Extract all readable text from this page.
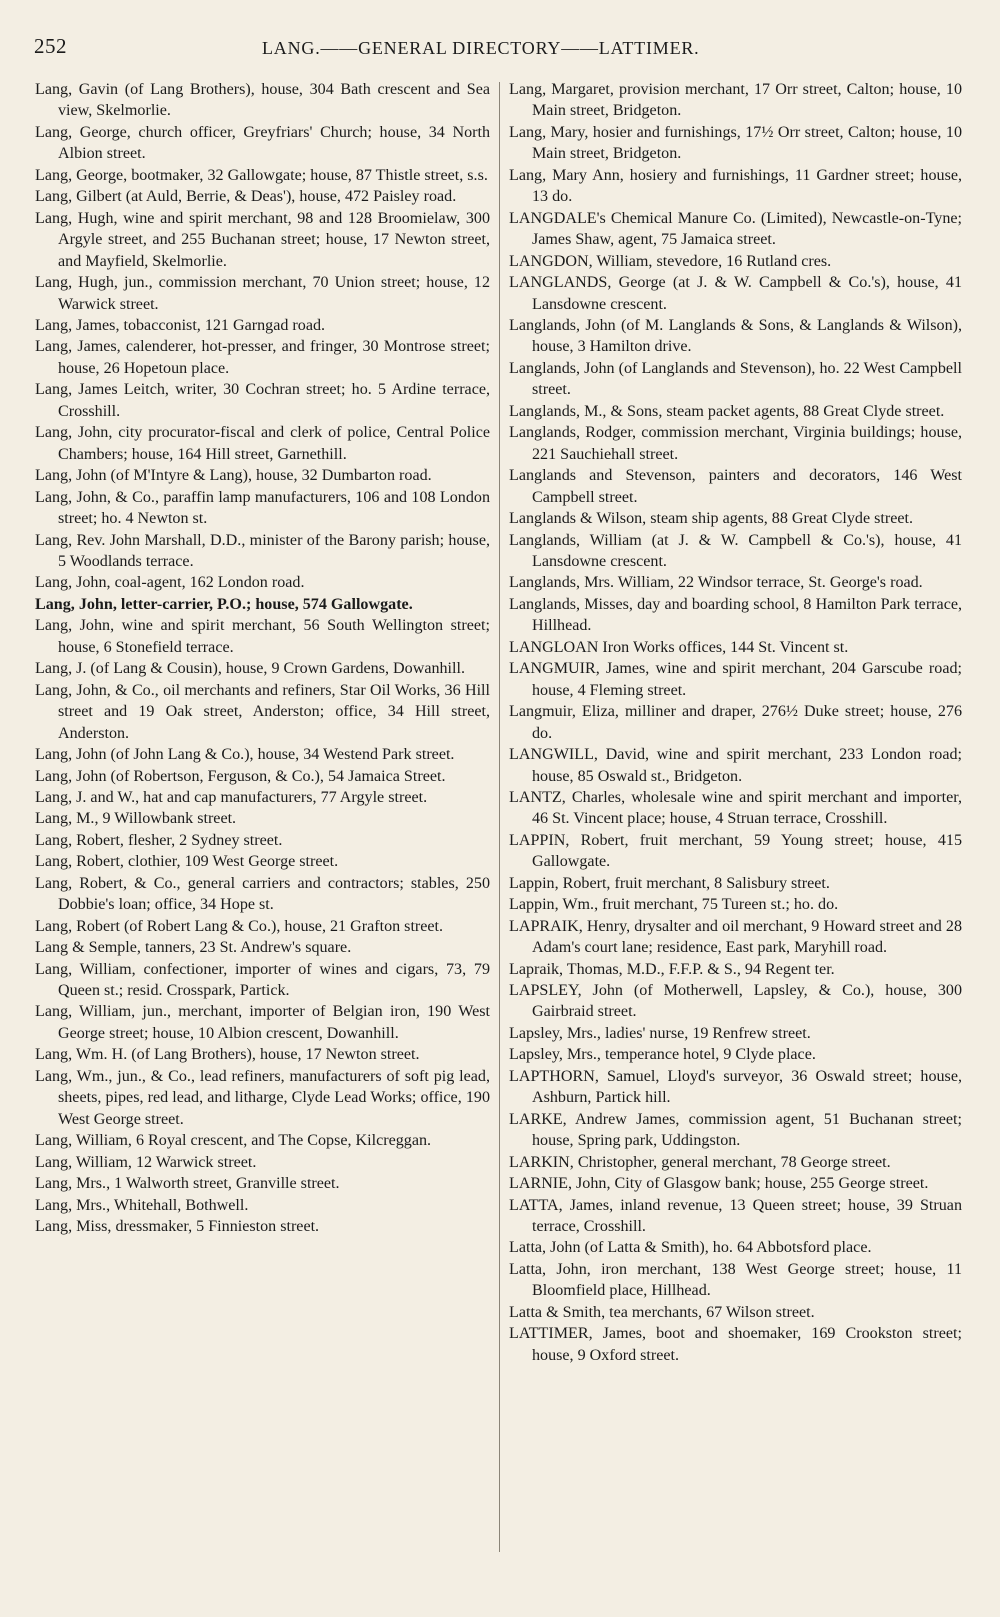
252	LANG.——GENERAL DIRECTORY——LATTIMER.

Lang, Gavin (of Lang Brothers), house, 304 Bath crescent and Sea view, Skelmorlie.

Lang, George, church officer, Greyfriars' Church; house, 34 North Albion street.

Lang, George, bootmaker, 32 Gallowgate; house, 87 Thistle street, s.s.

Lang, Gilbert (at Auld, Berrie, & Deas'), house, 472 Paisley road.

Lang, Hugh, wine and spirit merchant, 98 and 128 Broomielaw, 300 Argyle street, and 255 Buchanan street; house, 17 Newton street, and Mayfield, Skelmorlie.

Lang, Hugh, jun., commission merchant, 70 Union street; house, 12 Warwick street.

Lang, James, tobacconist, 121 Garngad road.

Lang, James, calenderer, hot-presser, and fringer, 30 Montrose street; house, 26 Hopetoun place.

Lang, James Leitch, writer, 30 Cochran street; ho. 5 Ardine terrace, Crosshill.

Lang, John, city procurator-fiscal and clerk of police, Central Police Chambers; house, 164 Hill street, Garnethill.

Lang, John (of M'Intyre & Lang), house, 32 Dumbarton road.

Lang, John, & Co., paraffin lamp manufacturers, 106 and 108 London street; ho. 4 Newton st.

Lang, Rev. John Marshall, D.D., minister of the Barony parish; house, 5 Woodlands terrace.

Lang, John, coal-agent, 162 London road.

Lang, John, letter-carrier, P.O.; house, 574 Gallowgate.

Lang, John, wine and spirit merchant, 56 South Wellington street; house, 6 Stonefield terrace.

Lang, J. (of Lang & Cousin), house, 9 Crown Gardens, Dowanhill.

Lang, John, & Co., oil merchants and refiners, Star Oil Works, 36 Hill street and 19 Oak street, Anderston; office, 34 Hill street, Anderston.

Lang, John (of John Lang & Co.), house, 34 Westend Park street.

Lang, John (of Robertson, Ferguson, & Co.), 54 Jamaica Street.

Lang, J. and W., hat and cap manufacturers, 77 Argyle street.

Lang, M., 9 Willowbank street.

Lang, Robert, flesher, 2 Sydney street.

Lang, Robert, clothier, 109 West George street.

Lang, Robert, & Co., general carriers and contractors; stables, 250 Dobbie's loan; office, 34 Hope st.

Lang, Robert (of Robert Lang & Co.), house, 21 Grafton street.

Lang & Semple, tanners, 23 St. Andrew's square.

Lang, William, confectioner, importer of wines and cigars, 73, 79 Queen st.; resid. Crosspark, Partick.

Lang, William, jun., merchant, importer of Belgian iron, 190 West George street; house, 10 Albion crescent, Dowanhill.

Lang, Wm. H. (of Lang Brothers), house, 17 Newton street.

Lang, Wm., jun., & Co., lead refiners, manufacturers of soft pig lead, sheets, pipes, red lead, and litharge, Clyde Lead Works; office, 190 West George street.

Lang, William, 6 Royal crescent, and The Copse, Kilcreggan.

Lang, William, 12 Warwick street.

Lang, Mrs., 1 Walworth street, Granville street.

Lang, Mrs., Whitehall, Bothwell.

Lang, Miss, dressmaker, 5 Finnieston street.

Lang, Margaret, provision merchant, 17 Orr street, Calton; house, 10 Main street, Bridgeton.

Lang, Mary, hosier and furnishings, 17½ Orr street, Calton; house, 10 Main street, Bridgeton.

Lang, Mary Ann, hosiery and furnishings, 11 Gardner street; house, 13 do.

LANGDALE's Chemical Manure Co. (Limited), Newcastle-on-Tyne; James Shaw, agent, 75 Jamaica street.

LANGDON, William, stevedore, 16 Rutland cres.

LANGLANDS, George (at J. & W. Campbell & Co.'s), house, 41 Lansdowne crescent.

Langlands, John (of M. Langlands & Sons, & Langlands & Wilson), house, 3 Hamilton drive.

Langlands, John (of Langlands and Stevenson), ho. 22 West Campbell street.

Langlands, M., & Sons, steam packet agents, 88 Great Clyde street.

Langlands, Rodger, commission merchant, Virginia buildings; house, 221 Sauchiehall street.

Langlands and Stevenson, painters and decorators, 146 West Campbell street.

Langlands & Wilson, steam ship agents, 88 Great Clyde street.

Langlands, William (at J. & W. Campbell & Co.'s), house, 41 Lansdowne crescent.

Langlands, Mrs. William, 22 Windsor terrace, St. George's road.

Langlands, Misses, day and boarding school, 8 Hamilton Park terrace, Hillhead.

LANGLOAN Iron Works offices, 144 St. Vincent st.

LANGMUIR, James, wine and spirit merchant, 204 Garscube road; house, 4 Fleming street.

Langmuir, Eliza, milliner and draper, 276½ Duke street; house, 276 do.

LANGWILL, David, wine and spirit merchant, 233 London road; house, 85 Oswald st., Bridgeton.

LANTZ, Charles, wholesale wine and spirit merchant and importer, 46 St. Vincent place; house, 4 Struan terrace, Crosshill.

LAPPIN, Robert, fruit merchant, 59 Young street; house, 415 Gallowgate.

Lappin, Robert, fruit merchant, 8 Salisbury street.

Lappin, Wm., fruit merchant, 75 Tureen st.; ho. do.

LAPRAIK, Henry, drysalter and oil merchant, 9 Howard street and 28 Adam's court lane; residence, East park, Maryhill road.

Lapraik, Thomas, M.D., F.F.P. & S., 94 Regent ter.

LAPSLEY, John (of Motherwell, Lapsley, & Co.), house, 300 Gairbraid street.

Lapsley, Mrs., ladies' nurse, 19 Renfrew street.

Lapsley, Mrs., temperance hotel, 9 Clyde place.

LAPTHORN, Samuel, Lloyd's surveyor, 36 Oswald street; house, Ashburn, Partick hill.

LARKE, Andrew James, commission agent, 51 Buchanan street; house, Spring park, Uddingston.

LARKIN, Christopher, general merchant, 78 George street.

LARNIE, John, City of Glasgow bank; house, 255 George street.

LATTA, James, inland revenue, 13 Queen street; house, 39 Struan terrace, Crosshill.

Latta, John (of Latta & Smith), ho. 64 Abbotsford place.

Latta, John, iron merchant, 138 West George street; house, 11 Bloomfield place, Hillhead.

Latta & Smith, tea merchants, 67 Wilson street.

LATTIMER, James, boot and shoemaker, 169 Crookston street; house, 9 Oxford street.
